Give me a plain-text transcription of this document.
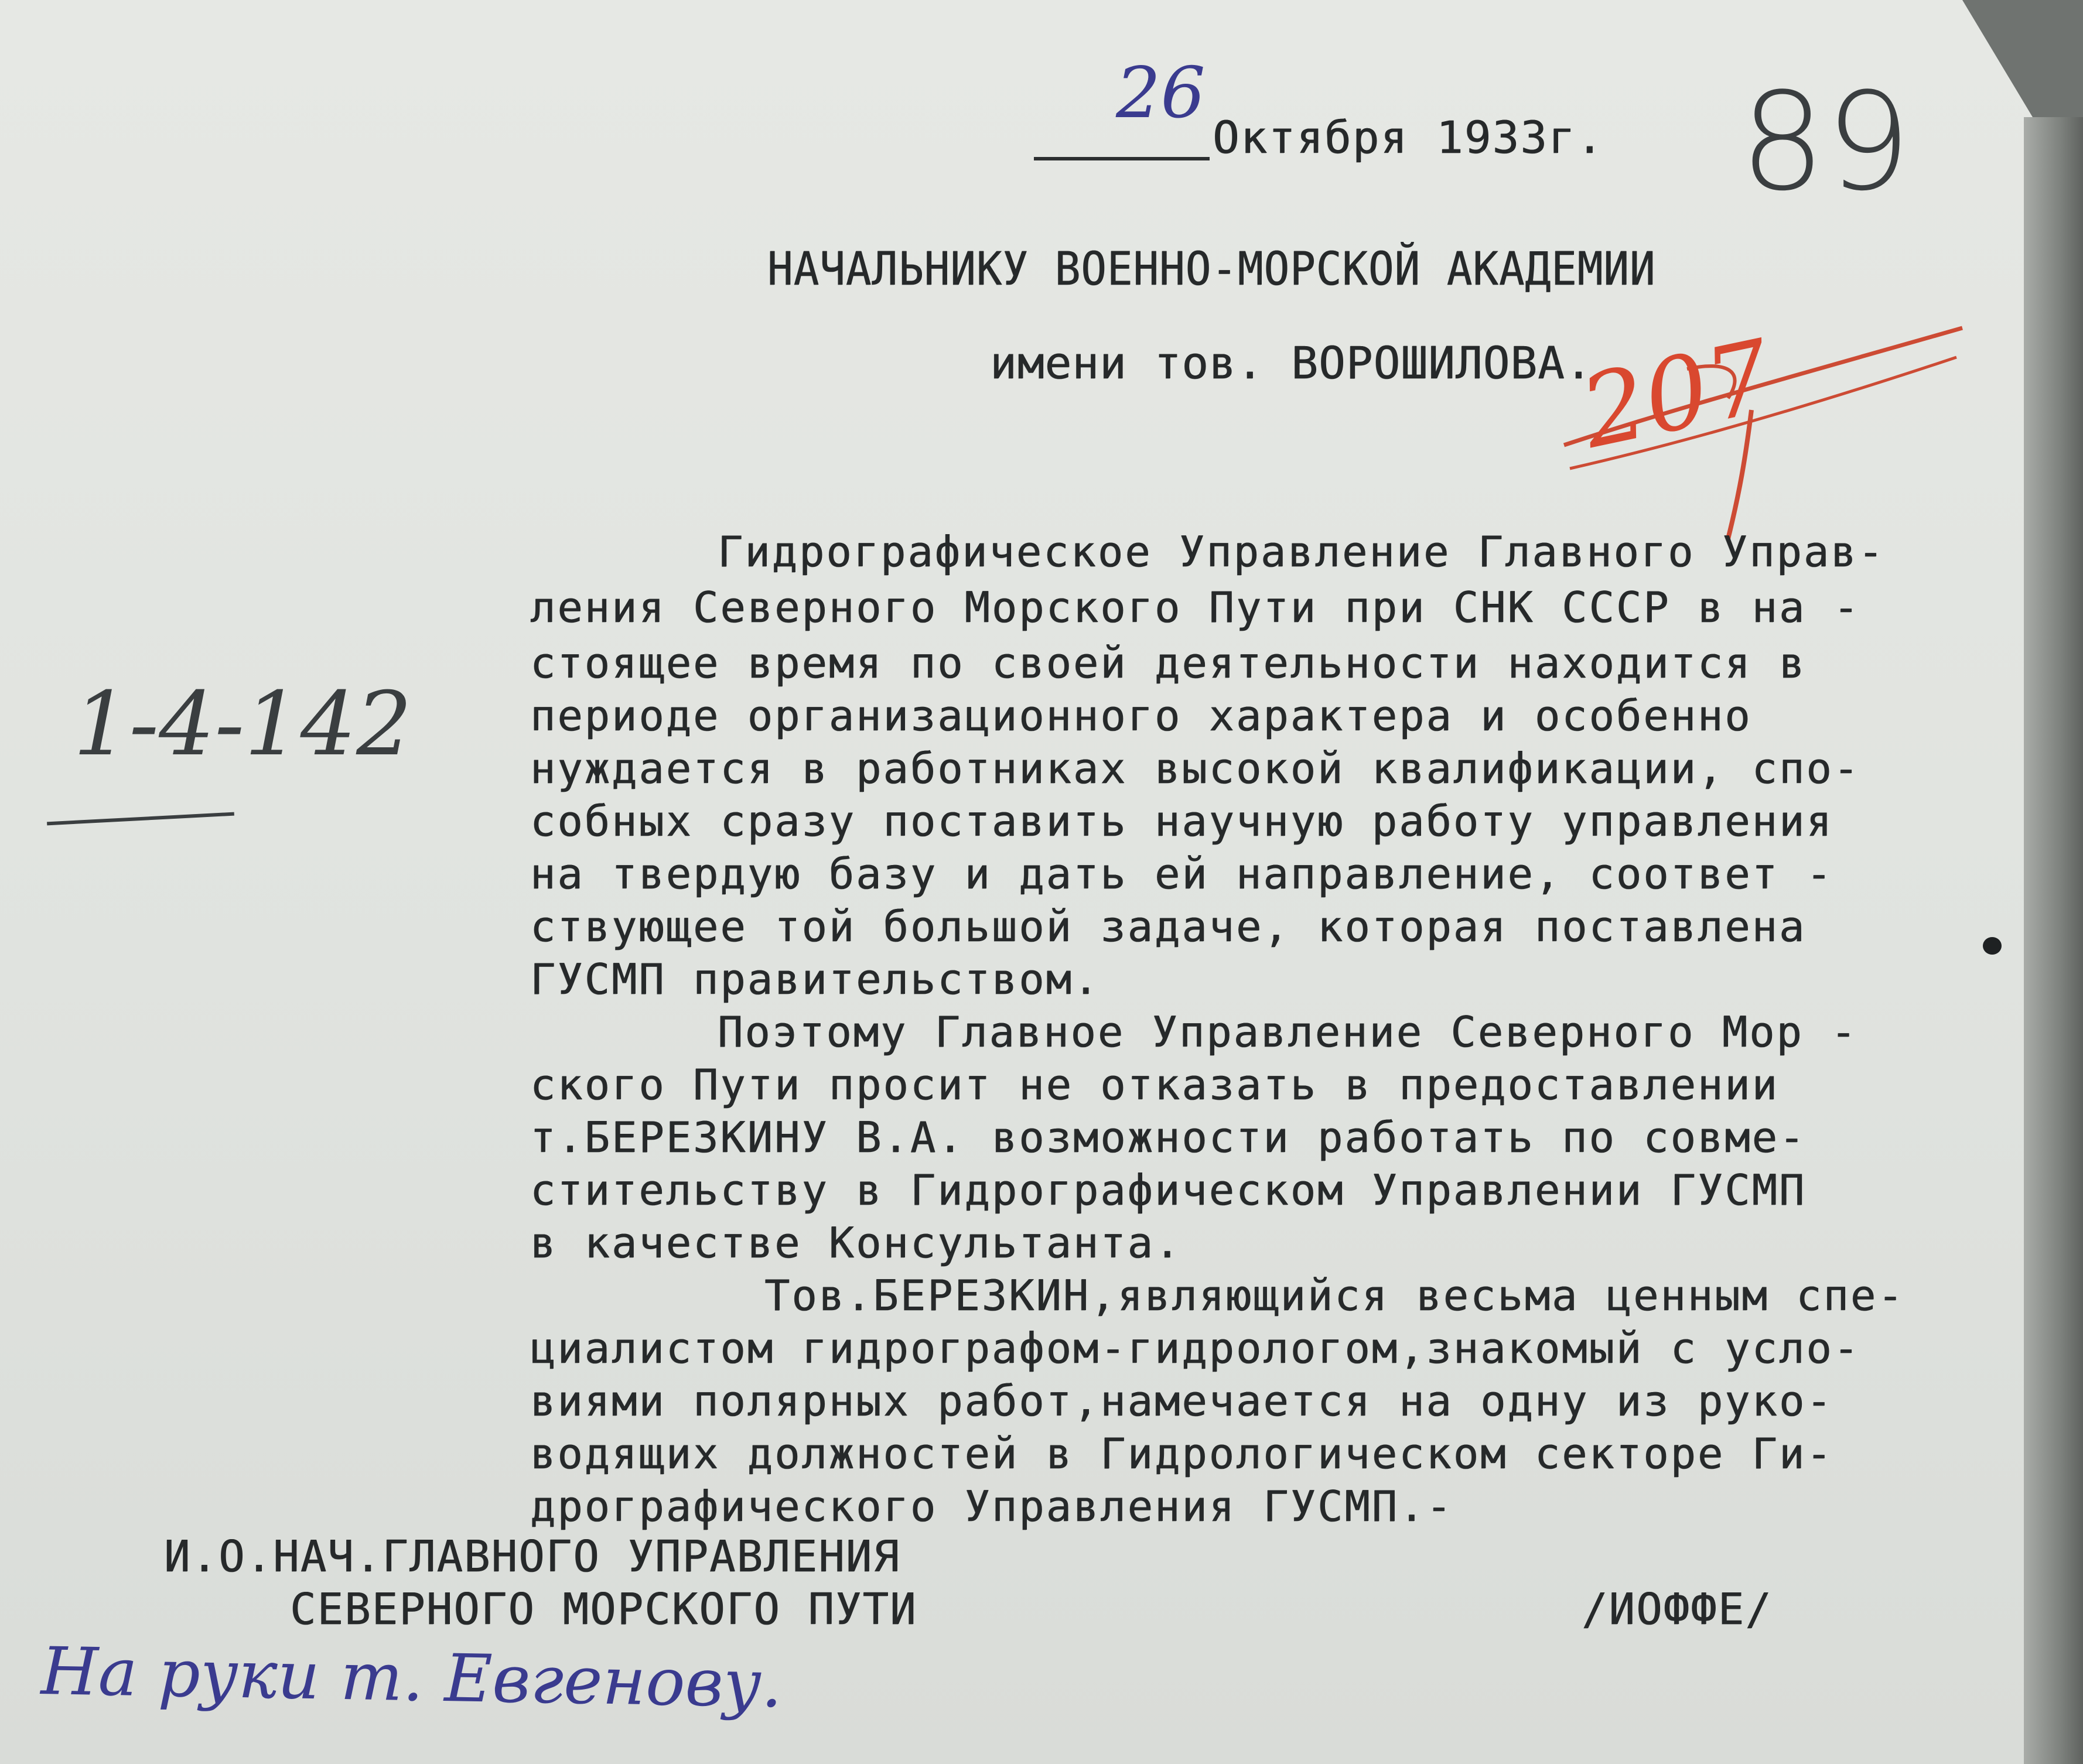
26
Октября 1933г. 89
НАЧАЛЬНИКУ ВОЕННО-МОРСКОЙ АКАДЕМИИ
имени тов. ВОРОШИЛОВА.
207
1-4-142
Гидрографическое Управление Главного Управ-
ления Северного Морского Пути при СНК СССР в на -
стоящее время по своей деятельности находится в
периоде организационного характера и особенно
нуждается в работниках высокой квалификации, спо-
собных сразу поставить научную работу управления
на твердую базу и дать ей направление, соответ -
ствующее той большой задаче, которая поставлена
ГУСМП правительством.
Поэтому Главное Управление Северного Мор -
ского Пути просит не отказать в предоставлении
т.БЕРЕЗКИНУ В.А. возможности работать по совме-
стительству в Гидрографическом Управлении ГУСМП
в качестве Консультанта.
Тов.БЕРЕЗКИН,являющийся весьма ценным спе-
циалистом гидрографом-гидрологом,знакомый с усло-
виями полярных работ,намечается на одну из руко-
водящих должностей в Гидрологическом секторе Ги-
дрографического Управления ГУСМП.-
И.О.НАЧ.ГЛАВНОГО УПРАВЛЕНИЯ
СЕВЕРНОГО МОРСКОГО ПУТИ	/ИОФФЕ/
На руки т. Евгенову.
